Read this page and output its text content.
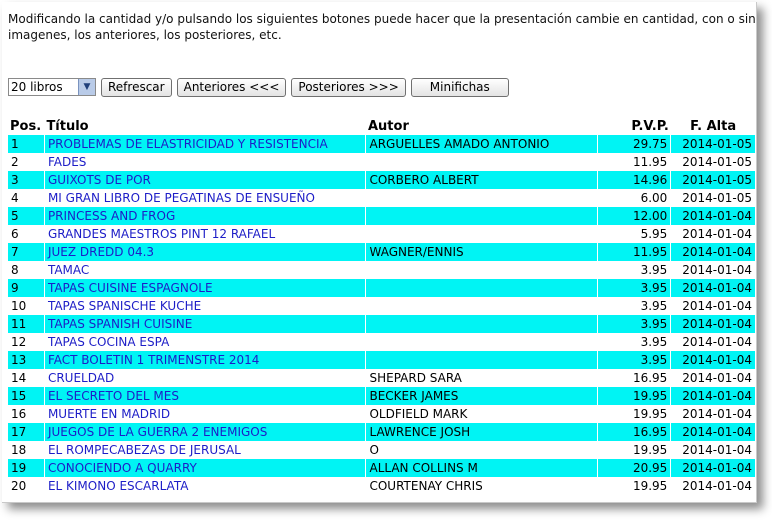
Modificando la cantidad y/o pulsando los siguientes botones puede hacer que la presentación cambie en cantidad, con o sin imagenes, los anteriores, los posteriores, etc.
20 libros	▼	Refrescar	Anteriores <<<	Posteriores >>>	Minifichas
Pos.	Título	Autor	P.V.P.	F. Alta
1	PROBLEMAS DE ELASTRICIDAD Y RESISTENCIA	ARGUELLES AMADO ANTONIO	29.75	2014-01-05
2	FADES		11.95	2014-01-05
3	GUIXOTS DE POR	CORBERO ALBERT	14.96	2014-01-05
4	MI GRAN LIBRO DE PEGATINAS DE ENSUEÑO		6.00	2014-01-05
5	PRINCESS AND FROG		12.00	2014-01-04
6	GRANDES MAESTROS PINT 12 RAFAEL		5.95	2014-01-04
7	JUEZ DREDD 04.3	WAGNER/ENNIS	11.95	2014-01-04
8	TAMAC		3.95	2014-01-04
9	TAPAS CUISINE ESPAGNOLE		3.95	2014-01-04
10	TAPAS SPANISCHE KUCHE		3.95	2014-01-04
11	TAPAS SPANISH CUISINE		3.95	2014-01-04
12	TAPAS COCINA ESPA		3.95	2014-01-04
13	FACT BOLETIN 1 TRIMENSTRE 2014		3.95	2014-01-04
14	CRUELDAD	SHEPARD SARA	16.95	2014-01-04
15	EL SECRETO DEL MES	BECKER JAMES	19.95	2014-01-04
16	MUERTE EN MADRID	OLDFIELD MARK	19.95	2014-01-04
17	JUEGOS DE LA GUERRA 2 ENEMIGOS	LAWRENCE JOSH	16.95	2014-01-04
18	EL ROMPECABEZAS DE JERUSAL	O	19.95	2014-01-04
19	CONOCIENDO A QUARRY	ALLAN COLLINS M	20.95	2014-01-04
20	EL KIMONO ESCARLATA	COURTENAY CHRIS	19.95	2014-01-04
